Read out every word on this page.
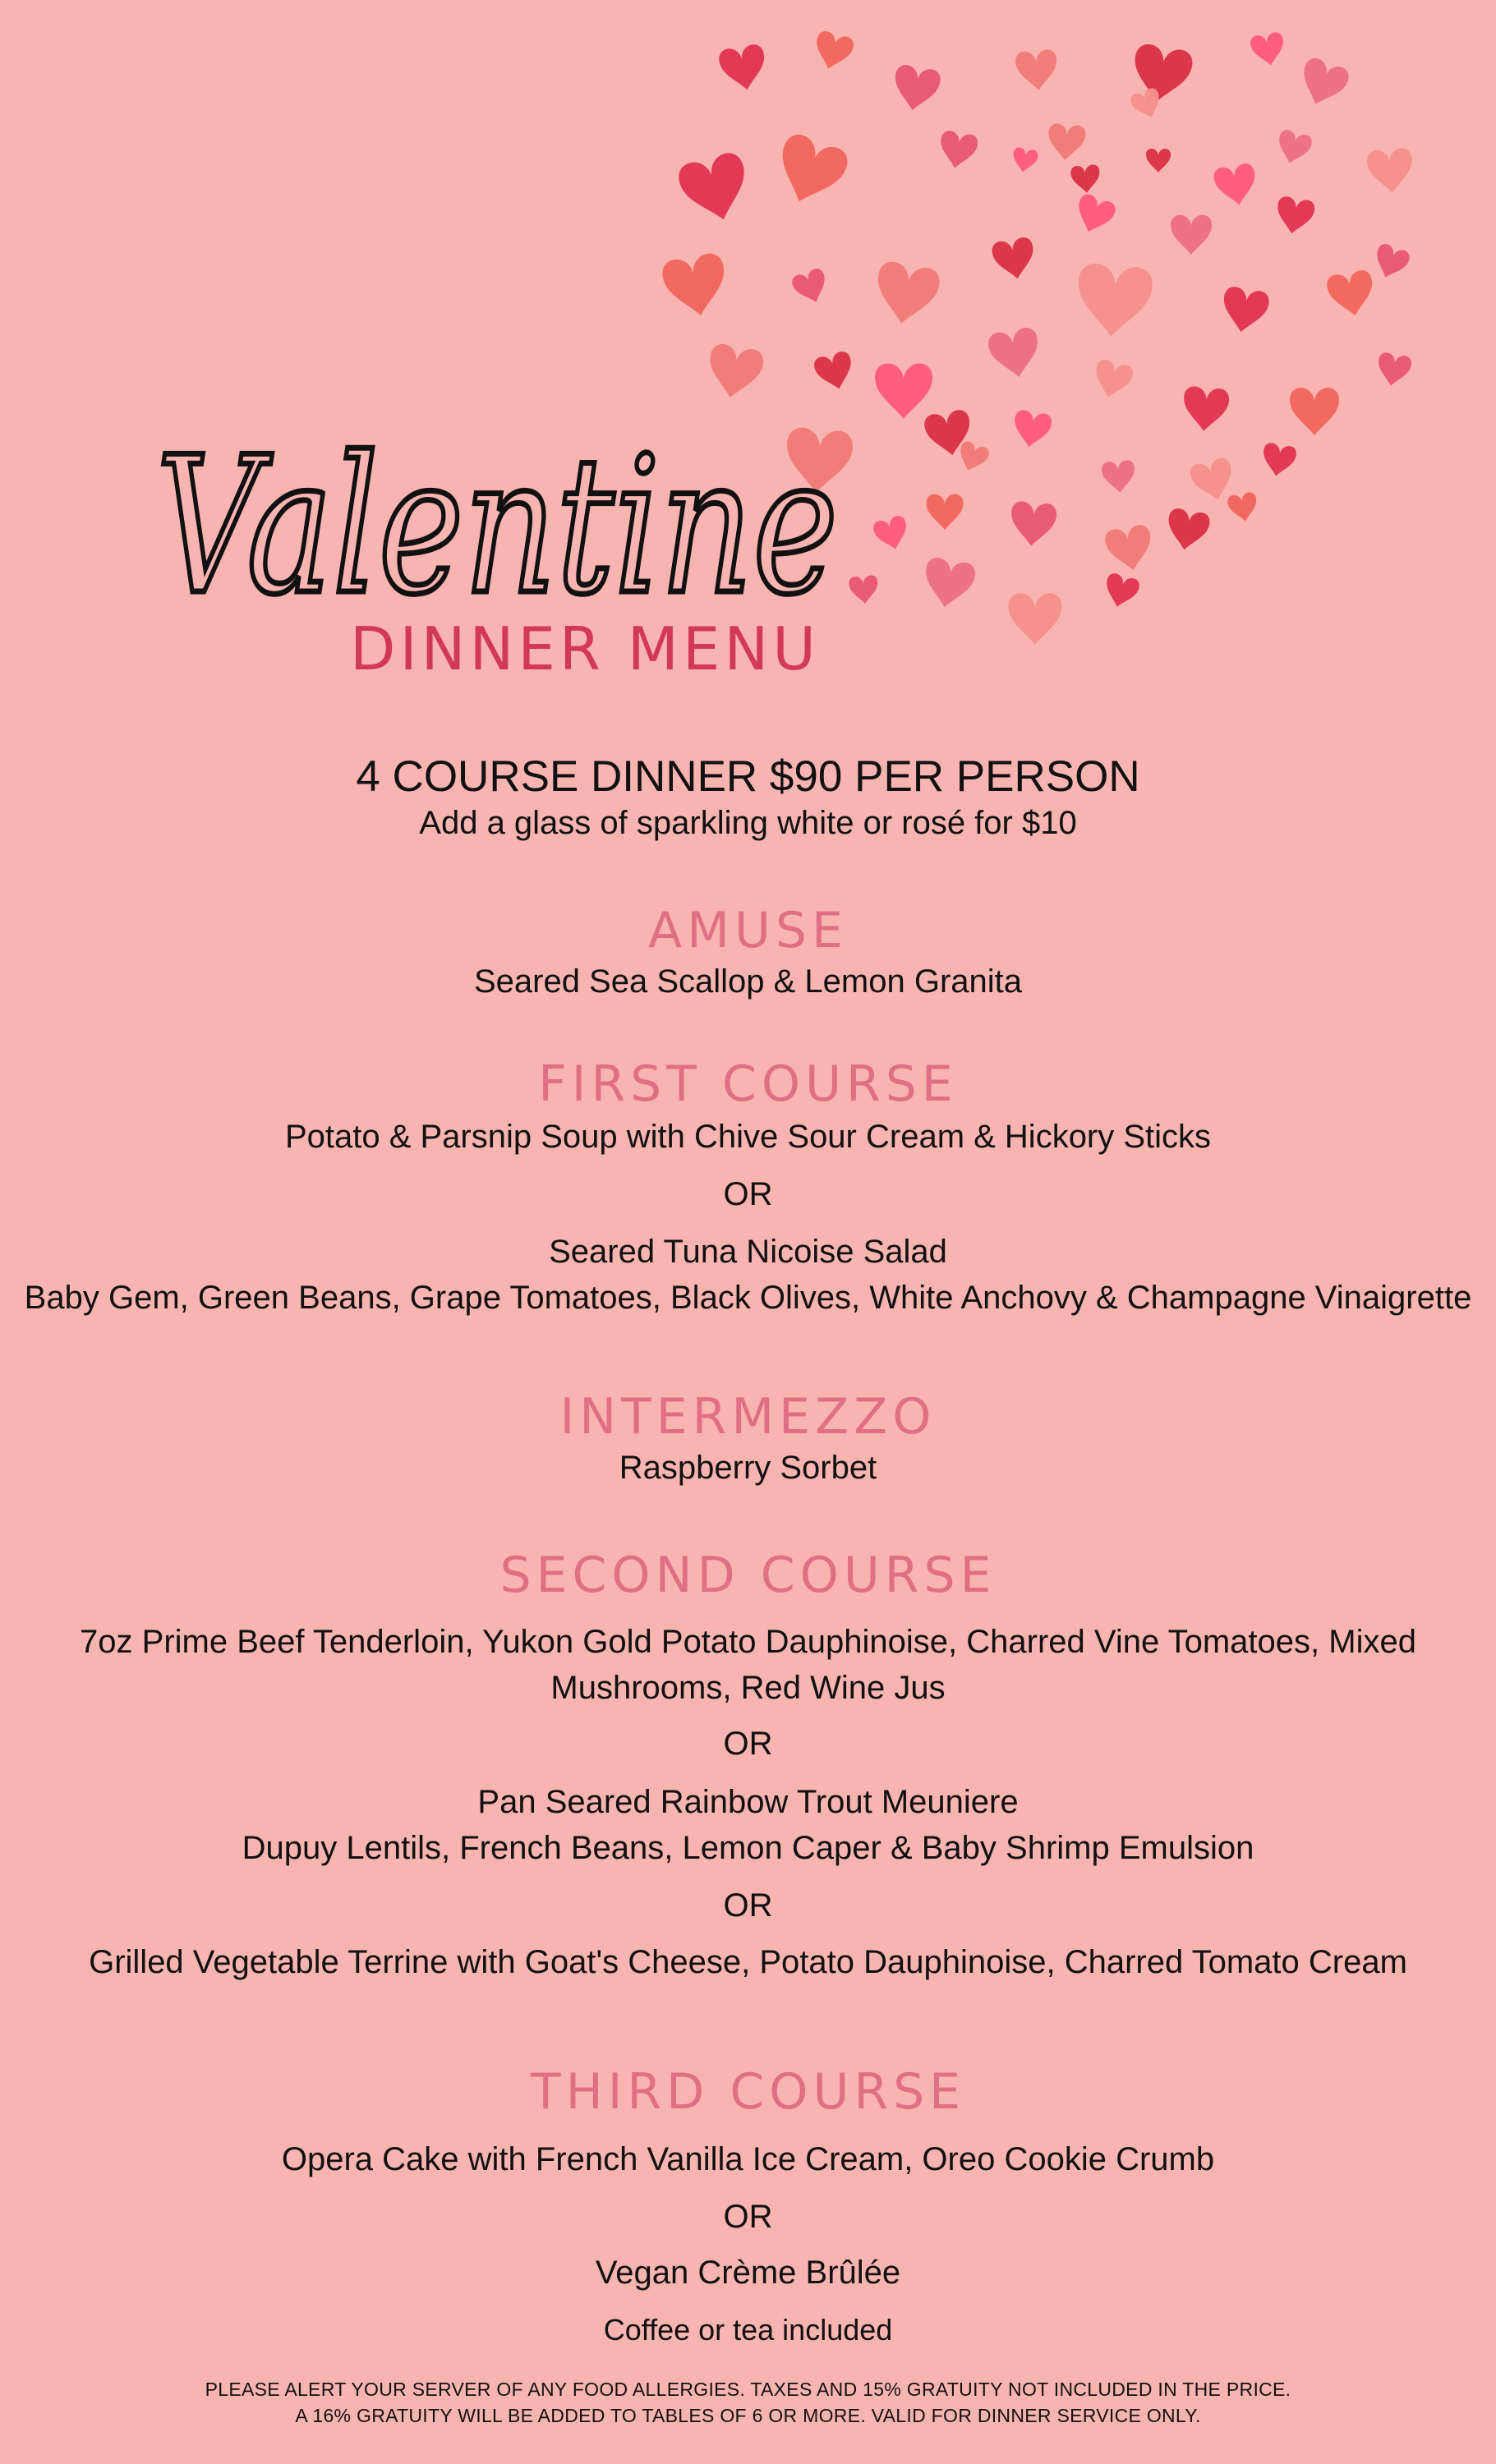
Valentine
DINNER MENU
4 COURSE DINNER $90 PER PERSON
Add a glass of sparkling white or rosé for $10
AMUSE
Seared Sea Scallop & Lemon Granita
FIRST COURSE
Potato & Parsnip Soup with Chive Sour Cream & Hickory Sticks
OR
Seared Tuna Nicoise Salad
Baby Gem, Green Beans, Grape Tomatoes, Black Olives, White Anchovy & Champagne Vinaigrette
INTERMEZZO
Raspberry Sorbet
SECOND COURSE
7oz Prime Beef Tenderloin, Yukon Gold Potato Dauphinoise, Charred Vine Tomatoes, Mixed
Mushrooms, Red Wine Jus
OR
Pan Seared Rainbow Trout Meuniere
Dupuy Lentils, French Beans, Lemon Caper & Baby Shrimp Emulsion
OR
Grilled Vegetable Terrine with Goat's Cheese, Potato Dauphinoise, Charred Tomato Cream
THIRD COURSE
Opera Cake with French Vanilla Ice Cream, Oreo Cookie Crumb
OR
Vegan Crème Brûlée
Coffee or tea included
PLEASE ALERT YOUR SERVER OF ANY FOOD ALLERGIES. TAXES AND 15% GRATUITY NOT INCLUDED IN THE PRICE.
A 16% GRATUITY WILL BE ADDED TO TABLES OF 6 OR MORE. VALID FOR DINNER SERVICE ONLY.
